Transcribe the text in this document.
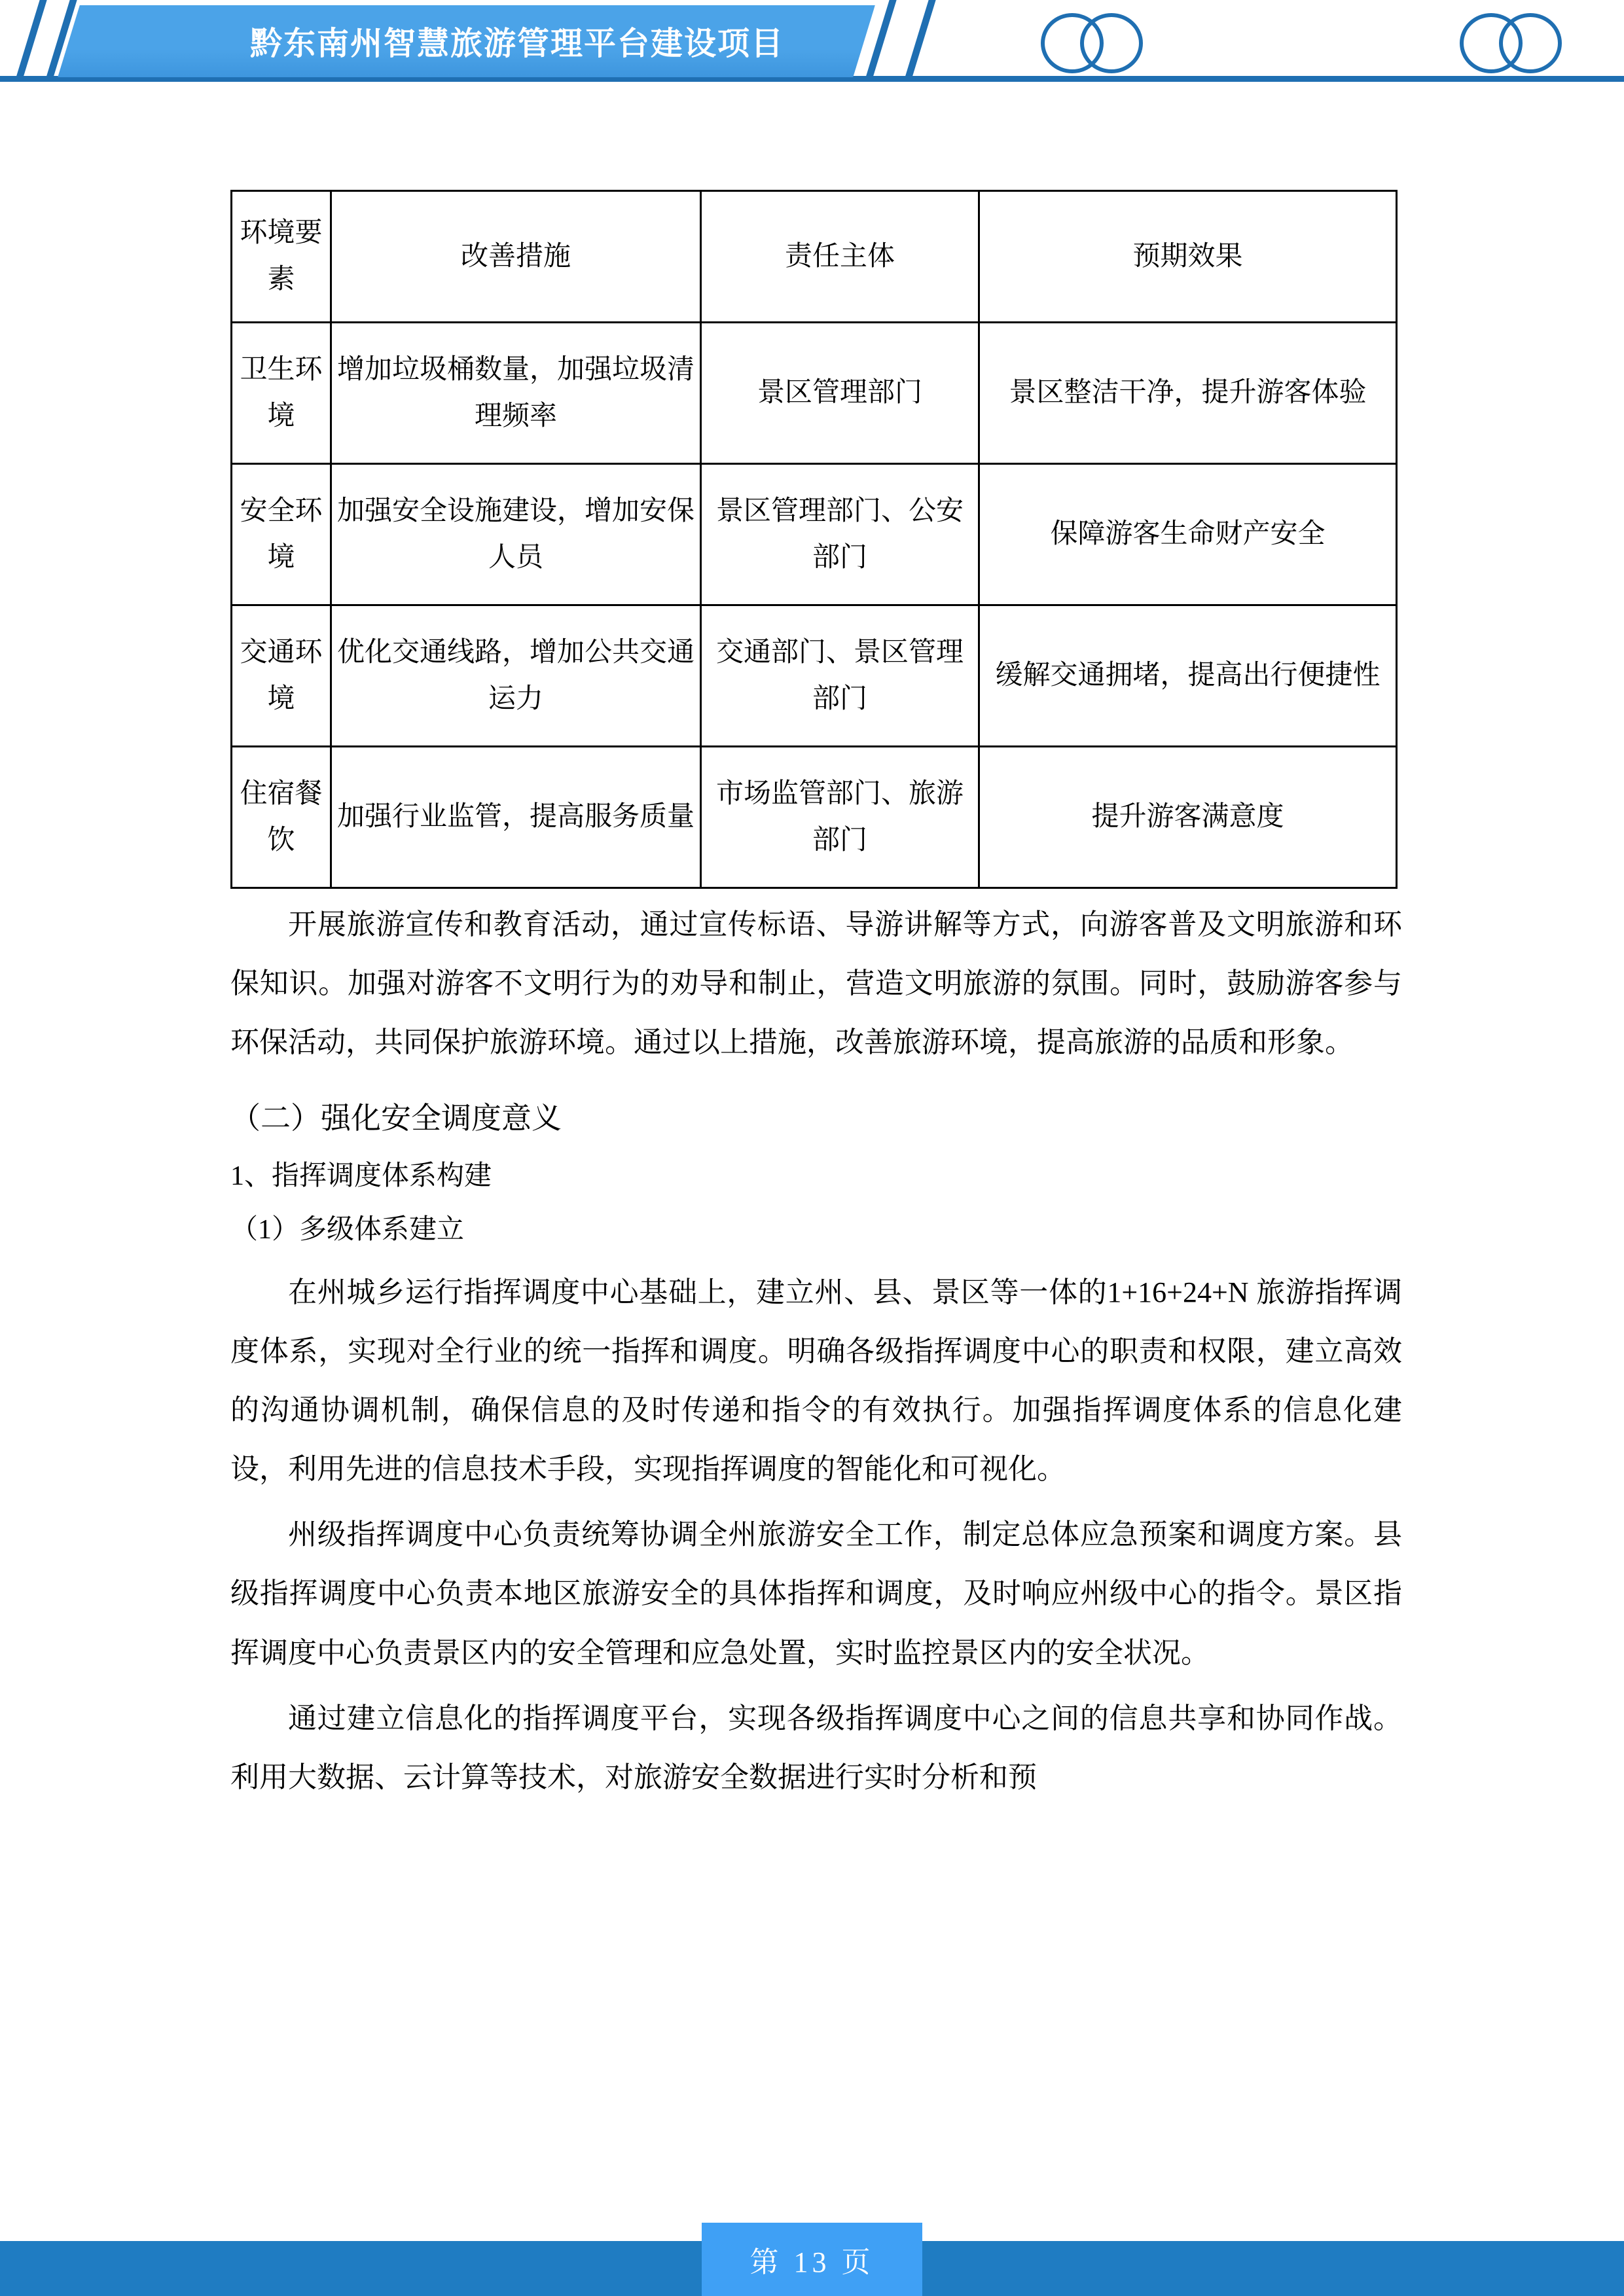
黔东南州智慧旅游管理平台建设项目
环境要素	改善措施	责任主体	预期效果
卫生环境	增加垃圾桶数量，加强垃圾清理频率	景区管理部门	景区整洁干净，提升游客体验
安全环境	加强安全设施建设，增加安保人员	景区管理部门、公安部门	保障游客生命财产安全
交通环境	优化交通线路，增加公共交通运力	交通部门、景区管理部门	缓解交通拥堵，提高出行便捷性
住宿餐饮	加强行业监管，提高服务质量	市场监管部门、旅游部门	提升游客满意度

开展旅游宣传和教育活动，通过宣传标语、导游讲解等方式，向游客普及文明旅游和环保知识。加强对游客不文明行为的劝导和制止，营造文明旅游的氛围。同时，鼓励游客参与环保活动，共同保护旅游环境。通过以上措施，改善旅游环境，提高旅游的品质和形象。

（二）强化安全调度意义
1、指挥调度体系构建
（1）多级体系建立

在州城乡运行指挥调度中心基础上，建立州、县、景区等一体的1+16+24+N 旅游指挥调度体系，实现对全行业的统一指挥和调度。明确各级指挥调度中心的职责和权限，建立高效的沟通协调机制，确保信息的及时传递和指令的有效执行。加强指挥调度体系的信息化建设，利用先进的信息技术手段，实现指挥调度的智能化和可视化。

州级指挥调度中心负责统筹协调全州旅游安全工作，制定总体应急预案和调度方案。县级指挥调度中心负责本地区旅游安全的具体指挥和调度，及时响应州级中心的指令。景区指挥调度中心负责景区内的安全管理和应急处置，实时监控景区内的安全状况。

通过建立信息化的指挥调度平台，实现各级指挥调度中心之间的信息共享和协同作战。利用大数据、云计算等技术，对旅游安全数据进行实时分析和预

第 13 页
